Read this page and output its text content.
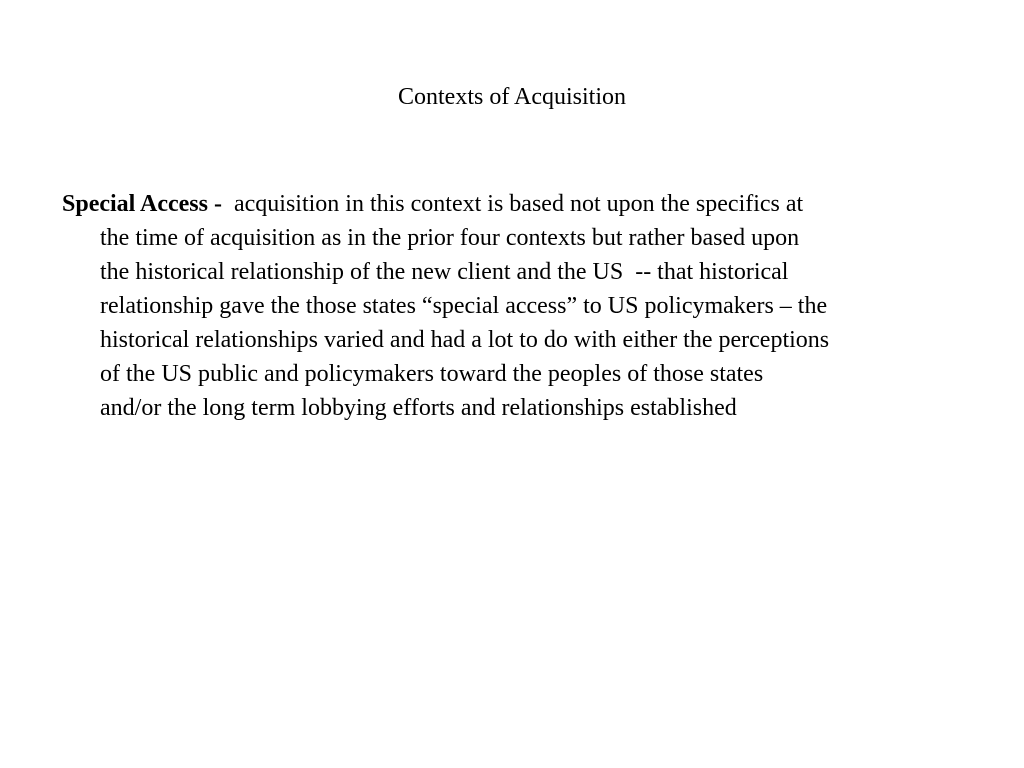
Contexts of Acquisition
Special Access -  acquisition in this context is based not upon the specifics at
the time of acquisition as in the prior four contexts but rather based upon
the historical relationship of the new client and the US  -- that historical
relationship gave the those states “special access” to US policymakers – the
historical relationships varied and had a lot to do with either the perceptions
of the US public and policymakers toward the peoples of those states
and/or the long term lobbying efforts and relationships established
